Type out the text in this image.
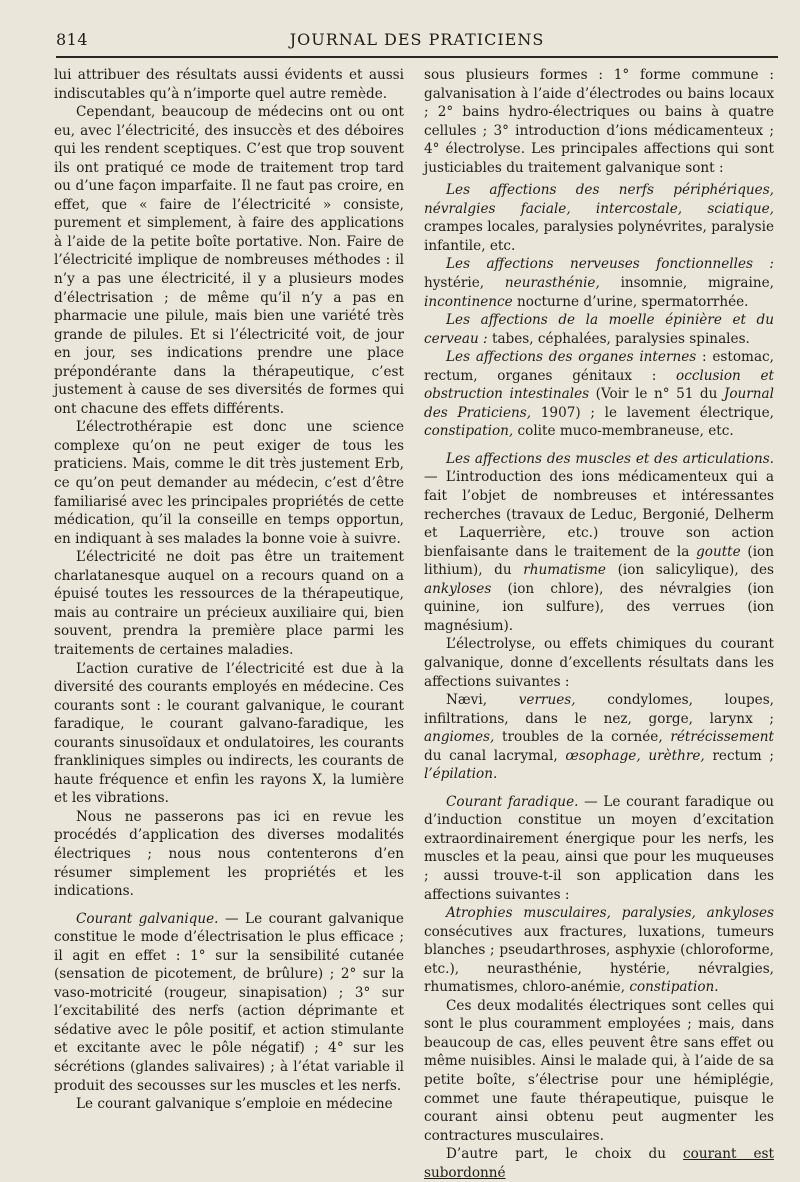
814	JOURNAL DES PRATICIENS

lui attribuer des résultats aussi évidents et aussi indiscutables qu’à n’importe quel autre remède.

Cependant, beaucoup de médecins ont ou ont eu, avec l’électricité, des insuccès et des déboires qui les rendent sceptiques. C’est que trop souvent ils ont pratiqué ce mode de traitement trop tard ou d’une façon imparfaite. Il ne faut pas croire, en effet, que « faire de l’électricité » consiste, purement et simplement, à faire des applications à l’aide de la petite boîte portative. Non. Faire de l’électricité implique de nombreuses méthodes : il n’y a pas une électricité, il y a plusieurs modes d’électrisation ; de même qu’il n’y a pas en pharmacie une pilule, mais bien une variété très grande de pilules. Et si l’électricité voit, de jour en jour, ses indications prendre une place prépondérante dans la thérapeutique, c’est justement à cause de ses diversités de formes qui ont chacune des effets différents.

L’électrothérapie est donc une science complexe qu’on ne peut exiger de tous les praticiens. Mais, comme le dit très justement Erb, ce qu’on peut demander au médecin, c’est d’être familiarisé avec les principales propriétés de cette médication, qu’il la conseille en temps opportun, en indiquant à ses malades la bonne voie à suivre.

L’électricité ne doit pas être un traitement charlatanesque auquel on a recours quand on a épuisé toutes les ressources de la thérapeutique, mais au contraire un précieux auxiliaire qui, bien souvent, prendra la première place parmi les traitements de certaines maladies.

L’action curative de l’électricité est due à la diversité des courants employés en médecine. Ces courants sont : le courant galvanique, le courant faradique, le courant galvano-faradique, les courants sinusoïdaux et ondulatoires, les courants frankliniques simples ou indirects, les courants de haute fréquence et enfin les rayons X, la lumière et les vibrations.

Nous ne passerons pas ici en revue les procédés d’application des diverses modalités électriques ; nous nous contenterons d’en résumer simplement les propriétés et les indications.

Courant galvanique. — Le courant galvanique constitue le mode d’électrisation le plus efficace ; il agit en effet : 1° sur la sensibilité cutanée (sensation de picotement, de brûlure) ; 2° sur la vaso-motricité (rougeur, sinapisation) ; 3° sur l’excitabilité des nerfs (action déprimante et sédative avec le pôle positif, et action stimulante et excitante avec le pôle négatif) ; 4° sur les sécrétions (glandes salivaires) ; à l’état variable il produit des secousses sur les muscles et les nerfs.

Le courant galvanique s’emploie en médecine

sous plusieurs formes : 1° forme commune : galvanisation à l’aide d’électrodes ou bains locaux ; 2° bains hydro-électriques ou bains à quatre cellules ; 3° introduction d’ions médicamenteux ; 4° électrolyse. Les principales affections qui sont justiciables du traitement galvanique sont :

Les affections des nerfs périphériques, névralgies faciale, intercostale, sciatique, crampes locales, paralysies polynévrites, paralysie infantile, etc.

Les affections nerveuses fonctionnelles : hystérie, neurasthénie, insomnie, migraine, incontinence nocturne d’urine, spermatorrhée.

Les affections de la moelle épinière et du cerveau : tabes, céphalées, paralysies spinales.

Les affections des organes internes : estomac, rectum, organes génitaux : occlusion et obstruction intestinales (Voir le n° 51 du Journal des Praticiens, 1907) ; le lavement électrique, constipation, colite muco-membraneuse, etc.

Les affections des muscles et des articulations. — L’introduction des ions médicamenteux qui a fait l’objet de nombreuses et intéressantes recherches (travaux de Leduc, Bergonié, Delherm et Laquerrière, etc.) trouve son action bienfaisante dans le traitement de la goutte (ion lithium), du rhumatisme (ion salicylique), des ankyloses (ion chlore), des névralgies (ion quinine, ion sulfure), des verrues (ion magnésium).

L’électrolyse, ou effets chimiques du courant galvanique, donne d’excellents résultats dans les affections suivantes :

Nævi, verrues, condylomes, loupes, infiltrations, dans le nez, gorge, larynx ; angiomes, troubles de la cornée, rétrécissement du canal lacrymal, œsophage, urèthre, rectum ; l’épilation.

Courant faradique. — Le courant faradique ou d’induction constitue un moyen d’excitation extraordinairement énergique pour les nerfs, les muscles et la peau, ainsi que pour les muqueuses ; aussi trouve-t-il son application dans les affections suivantes :

Atrophies musculaires, paralysies, ankyloses consécutives aux fractures, luxations, tumeurs blanches ; pseudarthroses, asphyxie (chloroforme, etc.), neurasthénie, hystérie, névralgies, rhumatismes, chloro-anémie, constipation.

Ces deux modalités électriques sont celles qui sont le plus couramment employées ; mais, dans beaucoup de cas, elles peuvent être sans effet ou même nuisibles. Ainsi le malade qui, à l’aide de sa petite boîte, s’électrise pour une hémiplégie, commet une faute thérapeutique, puisque le courant ainsi obtenu peut augmenter les contractures musculaires.

D’autre part, le choix du courant est subordonné
